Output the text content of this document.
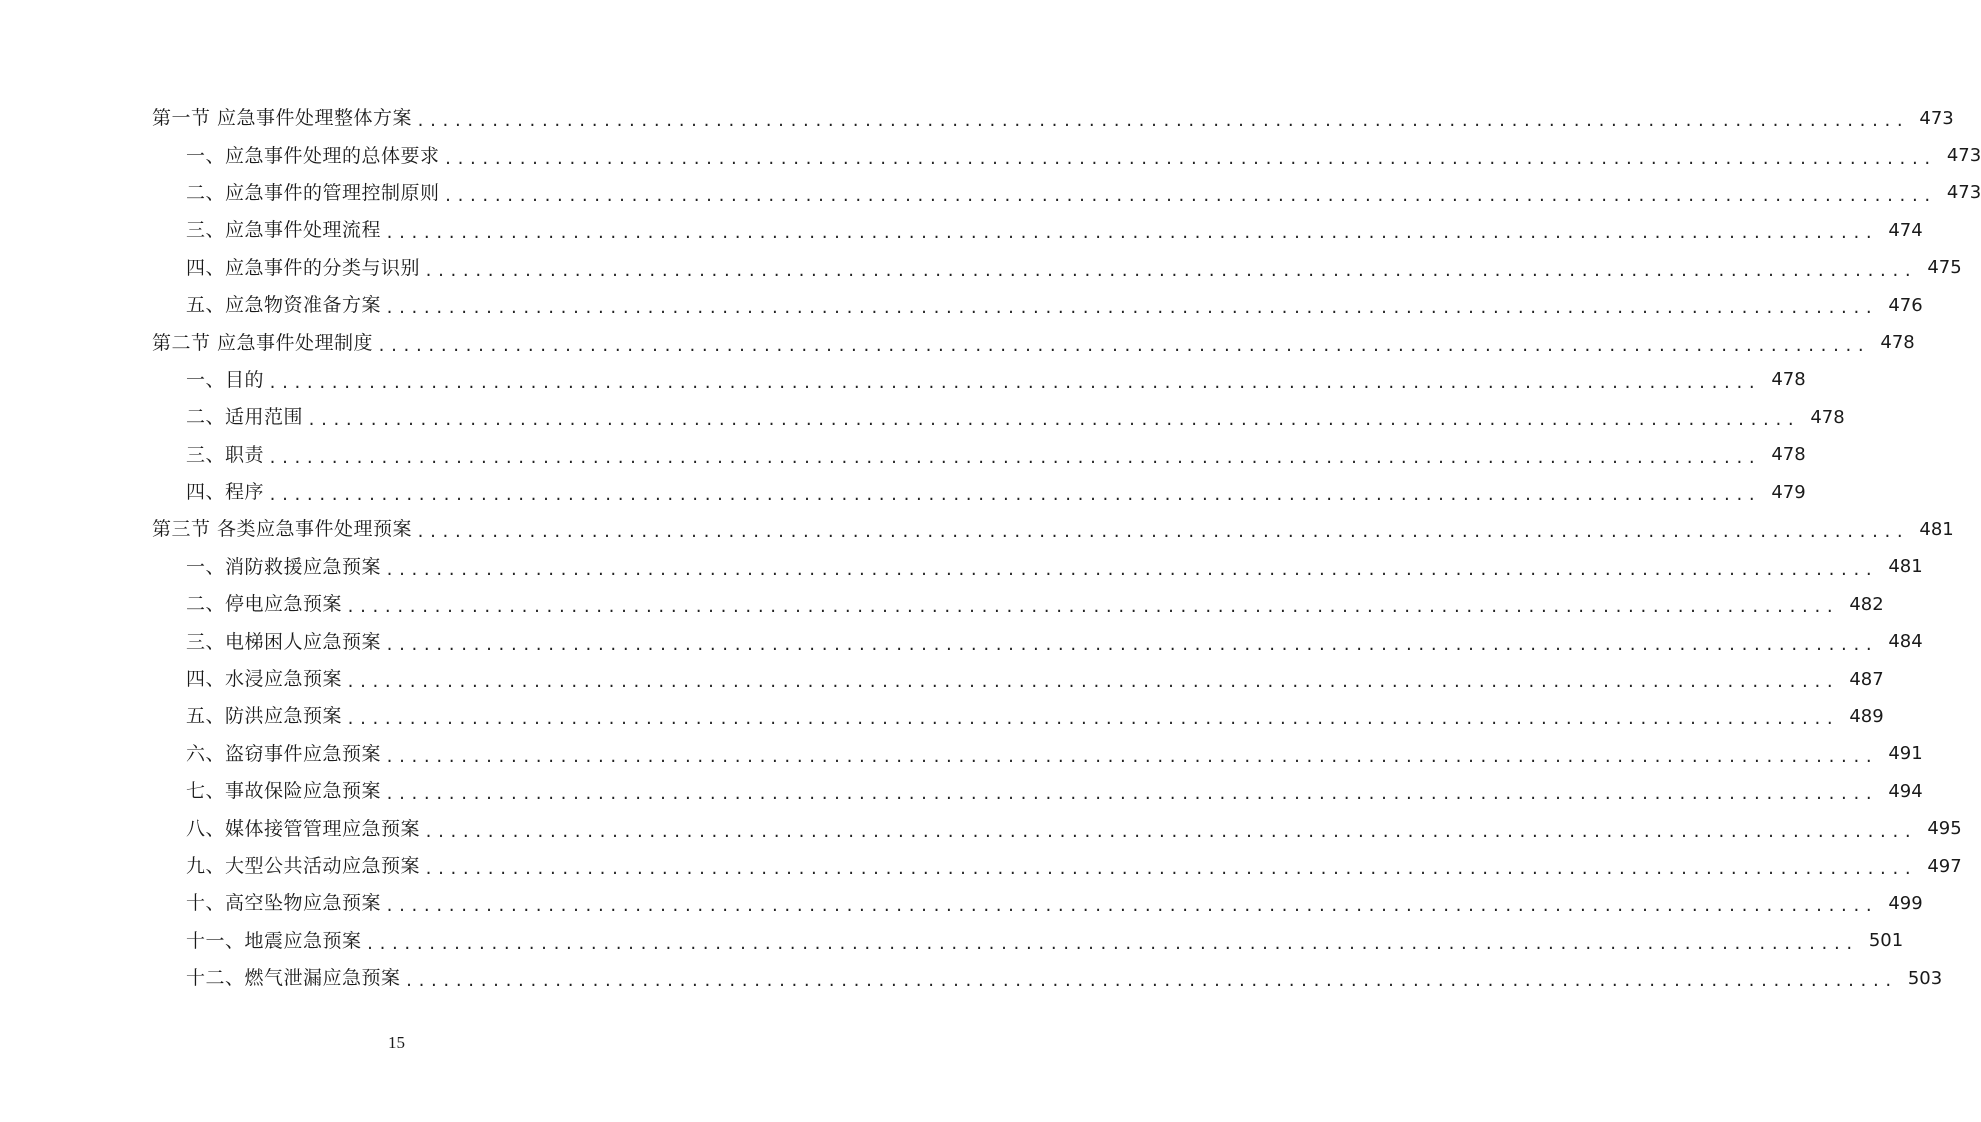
第一节 应急事件处理整体方案 ........................................................................................................................ 473
一、应急事件处理的总体要求 ........................................................................................................................ 473
二、应急事件的管理控制原则 ........................................................................................................................ 473
三、应急事件处理流程 ........................................................................................................................ 474
四、应急事件的分类与识别 ........................................................................................................................ 475
五、应急物资准备方案 ........................................................................................................................ 476
第二节 应急事件处理制度 ........................................................................................................................ 478
一、目的 ........................................................................................................................ 478
二、适用范围 ........................................................................................................................ 478
三、职责 ........................................................................................................................ 478
四、程序 ........................................................................................................................ 479
第三节 各类应急事件处理预案 ........................................................................................................................ 481
一、消防救援应急预案 ........................................................................................................................ 481
二、停电应急预案 ........................................................................................................................ 482
三、电梯困人应急预案 ........................................................................................................................ 484
四、水浸应急预案 ........................................................................................................................ 487
五、防洪应急预案 ........................................................................................................................ 489
六、盗窃事件应急预案 ........................................................................................................................ 491
七、事故保险应急预案 ........................................................................................................................ 494
八、媒体接管管理应急预案 ........................................................................................................................ 495
九、大型公共活动应急预案 ........................................................................................................................ 497
十、高空坠物应急预案 ........................................................................................................................ 499
十一、地震应急预案 ........................................................................................................................ 501
十二、燃气泄漏应急预案 ........................................................................................................................ 503
15
